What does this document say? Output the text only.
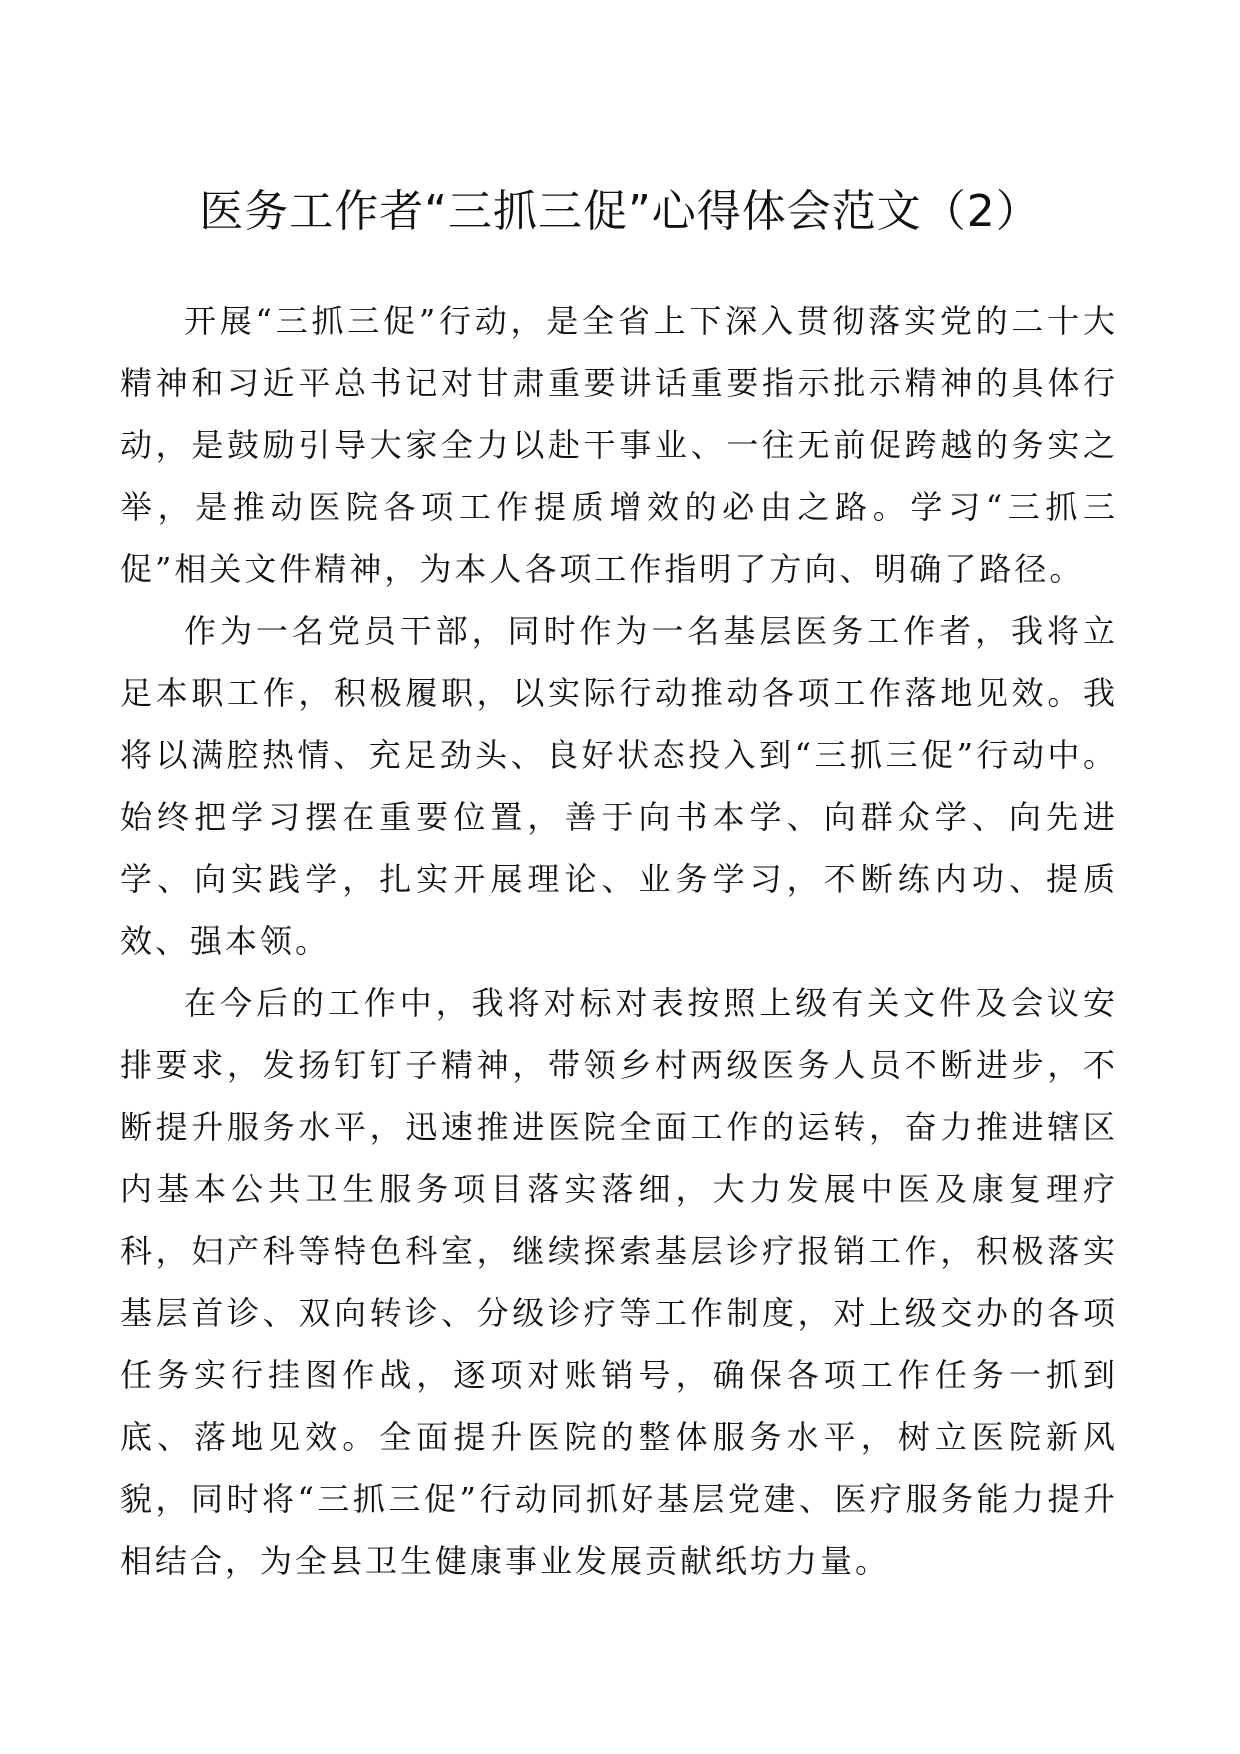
医务工作者“三抓三促”心得体会范文（2）

开展“三抓三促”行动，是全省上下深入贯彻落实党的二十大精神和习近平总书记对甘肃重要讲话重要指示批示精神的具体行动，是鼓励引导大家全力以赴干事业、一往无前促跨越的务实之举，是推动医院各项工作提质增效的必由之路。学习“三抓三促”相关文件精神，为本人各项工作指明了方向、明确了路径。

作为一名党员干部，同时作为一名基层医务工作者，我将立足本职工作，积极履职，以实际行动推动各项工作落地见效。我将以满腔热情、充足劲头、良好状态投入到“三抓三促”行动中。始终把学习摆在重要位置，善于向书本学、向群众学、向先进学、向实践学，扎实开展理论、业务学习，不断练内功、提质效、强本领。

在今后的工作中，我将对标对表按照上级有关文件及会议安排要求，发扬钉钉子精神，带领乡村两级医务人员不断进步，不断提升服务水平，迅速推进医院全面工作的运转，奋力推进辖区内基本公共卫生服务项目落实落细，大力发展中医及康复理疗科，妇产科等特色科室，继续探索基层诊疗报销工作，积极落实基层首诊、双向转诊、分级诊疗等工作制度，对上级交办的各项任务实行挂图作战，逐项对账销号，确保各项工作任务一抓到底、落地见效。全面提升医院的整体服务水平，树立医院新风貌，同时将“三抓三促”行动同抓好基层党建、医疗服务能力提升相结合，为全县卫生健康事业发展贡献纸坊力量。
